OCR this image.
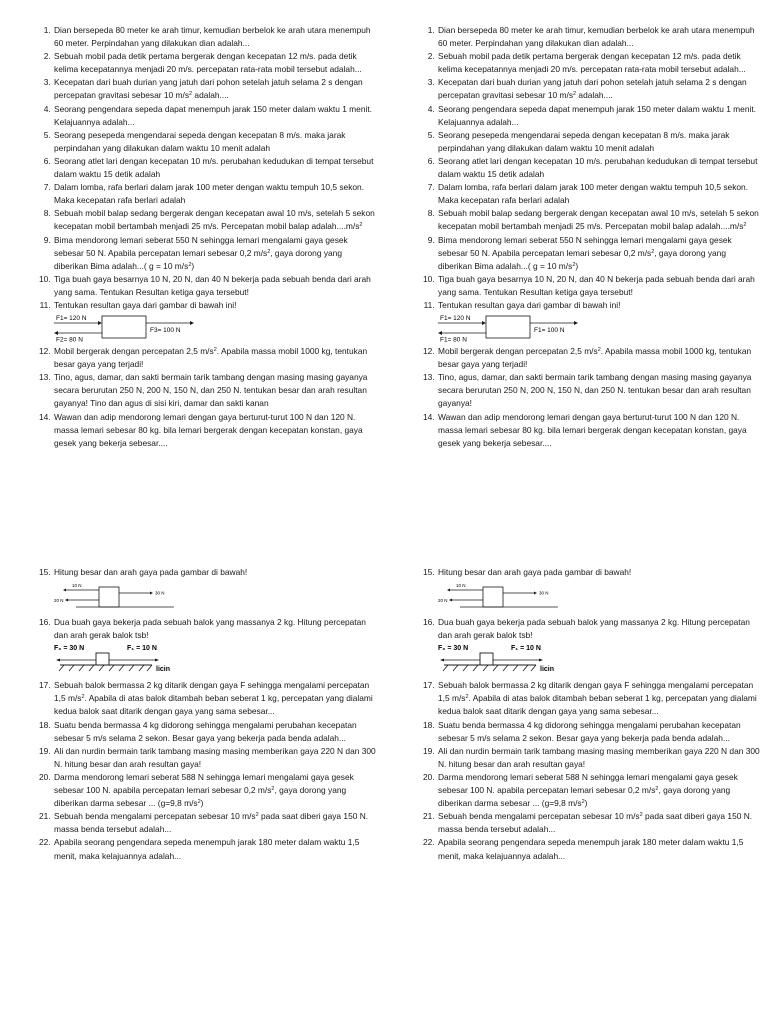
1. Dian bersepeda 80 meter ke arah timur, kemudian berbelok ke arah utara menempuh 60 meter. Perpindahan yang dilakukan dian adalah...
2. Sebuah mobil pada detik pertama bergerak dengan kecepatan 12 m/s. pada detik kelima kecepatannya menjadi 20 m/s. percepatan rata-rata mobil tersebut adalah...
3. Kecepatan dari buah durian yang jatuh dari pohon setelah jatuh selama 2 s dengan percepatan gravitasi sebesar 10 $m/s^2$ adalah....
4. Seorang pengendara sepeda dapat menempuh jarak 150 meter dalam waktu 1 menit. Kelajuannya adalah...
5. Seorang pesepeda mengendarai sepeda dengan kecepatan 8 m/s. maka jarak perpindahan yang dilakukan dalam waktu 10 menit adalah
6. Seorang atlet lari dengan kecepatan 10 m/s. perubahan kedudukan di tempat tersebut dalam waktu 15 detik adalah
7. Dalam lomba, rafa berlari dalam jarak 100 meter dengan waktu tempuh 10,5 sekon. Maka kecepatan rafa berlari adalah
8. Sebuah mobil balap sedang bergerak dengan kecepatan awal 10 m/s, setelah 5 sekon kecepatan mobil bertambah menjadi 25 m/s. Percepatan mobil balap $adalah....m/s^2$
9. Bima mendorong lemari seberat 550 N sehingga lemari mengalami gaya gesek sebesar 50 N. Apabila percepatan lemari sebesar 0,2 $m/s^2$, gaya dorong yang diberikan Bima adalah...( g = 10 $m/s^2$)
10. Tiga buah gaya besarnya 10 N, 20 N, dan 40 N bekerja pada sebuah benda dari arah yang sama. Tentukan Resultan ketiga gaya tersebut!
11. Tentukan resultan gaya dari gambar di bawah ini!
F1= 120 N
F2= 80 N
F3= 100 N
12. Mobil bergerak dengan percepatan 2,5 $m/s^2$. Apabila massa mobil 1000 kg, tentukan besar gaya yang terjadi!
13. Tino, agus, damar, dan sakti bermain tarik tambang dengan masing masing gayanya secara berurutan 250 N, 200 N, 150 N, dan 250 N. tentukan besar dan arah resultan gayanya! Tino dan agus di sisi kiri, damar dan sakti kanan
14. Wawan dan adip mendorong lemari dengan gaya berturut-turut 100 N dan 120 N. massa lemari sebesar 80 kg. bila lemari bergerak dengan kecepatan konstan, gaya gesek yang bekerja sebesar....
1. Dian bersepeda 80 meter ke arah timur, kemudian berbelok ke arah utara menempuh 60 meter. Perpindahan yang dilakukan dian adalah...
2. Sebuah mobil pada detik pertama bergerak dengan kecepatan 12 m/s. pada detik kelima kecepatannya menjadi 20 m/s. percepatan rata-rata mobil tersebut adalah...
3. Kecepatan dari buah durian yang jatuh dari pohon setelah jatuh selama 2 s dengan percepatan gravitasi sebesar 10 $m/s^2$ adalah....
4. Seorang pengendara sepeda dapat menempuh jarak 150 meter dalam waktu 1 menit. Kelajuannya adalah...
5. Seorang pesepeda mengendarai sepeda dengan kecepatan 8 m/s. maka jarak perpindahan yang dilakukan dalam waktu 10 menit adalah
6. Seorang atlet lari dengan kecepatan 10 m/s. perubahan kedudukan di tempat tersebut dalam waktu 15 detik adalah
7. Dalam lomba, rafa berlari dalam jarak 100 meter dengan waktu tempuh 10,5 sekon. Maka kecepatan rafa berlari adalah
8. Sebuah mobil balap sedang bergerak dengan kecepatan awal 10 m/s, setelah 5 sekon kecepatan mobil bertambah menjadi 25 m/s. Percepatan mobil balap $adalah....m/s^2$
9. Bima mendorong lemari seberat 550 N sehingga lemari mengalami gaya gesek sebesar 50 N. Apabila percepatan lemari sebesar 0,2 $m/s^2$, gaya dorong yang diberikan Bima adalah...( g = 10 $m/s^2$)
10. Tiga buah gaya besarnya 10 N, 20 N, dan 40 N bekerja pada sebuah benda dari arah yang sama. Tentukan Resultan ketiga gaya tersebut!
11. Tentukan resultan gaya dari gambar di bawah ini!
F1= 120 N
F1= 80 N
F1= 100 N
12. Mobil bergerak dengan percepatan 2,5 $m/s^2$. Apabila massa mobil 1000 kg, tentukan besar gaya yang terjadi!
13. Tino, agus, damar, dan sakti bermain tarik tambang dengan masing masing gayanya secara berurutan 250 N, 200 N, 150 N, dan 250 N. tentukan besar dan arah resultan gayanya!
14. Wawan dan adip mendorong lemari dengan gaya berturut-turut 100 N dan 120 N. massa lemari sebesar 80 kg. bila lemari bergerak dengan kecepatan konstan, gaya gesek yang bekerja sebesar....
15. Hitung besar dan arah gaya pada gambar di bawah!
10 N
20 N
30 N
16. Dua buah gaya bekerja pada sebuah balok yang massanya 2 kg. Hitung percepatan dan arah gerak balok tsb!
F₂ = 30 N	F₁ = 10 N
licin
17. Sebuah balok bermassa 2 kg ditarik dengan gaya F sehingga mengalami percepatan 1,5 $m/s^2$. Apabila di atas balok ditambah beban seberat 1 kg, percepatan yang dialami kedua balok saat ditarik dengan gaya yang sama sebesar...
18. Suatu benda bermassa 4 kg didorong sehingga mengalami perubahan kecepatan sebesar 5 m/s selama 2 sekon. Besar gaya yang bekerja pada benda adalah...
19. Ali dan nurdin bermain tarik tambang masing masing memberikan gaya 220 N dan 300 N. hitung besar dan arah resultan gaya!
20. Darma mendorong lemari seberat 588 N sehingga lemari mengalami gaya gesek sebesar 100 N. apabila percepatan lemari sebesar 0,2 $m/s^2$, gaya dorong yang diberikan darma sebesar ... (g=9,8 $m/s^2$)
21. Sebuah benda mengalami percepatan sebesar 10 $m/s^2$ pada saat diberi gaya 150 N. massa benda tersebut adalah...
22. Apabila seorang pengendara sepeda menempuh jarak 180 meter dalam waktu 1,5 menit, maka kelajuannya adalah...
15. Hitung besar dan arah gaya pada gambar di bawah!
10 N
20 N
30 N
16. Dua buah gaya bekerja pada sebuah balok yang massanya 2 kg. Hitung percepatan dan arah gerak balok tsb!
F₂ = 30 N	F₁ = 10 N
licin
17. Sebuah balok bermassa 2 kg ditarik dengan gaya F sehingga mengalami percepatan 1,5 $m/s^2$. Apabila di atas balok ditambah beban seberat 1 kg, percepatan yang dialami kedua balok saat ditarik dengan gaya yang sama sebesar...
18. Suatu benda bermassa 4 kg didorong sehingga mengalami perubahan kecepatan sebesar 5 m/s selama 2 sekon. Besar gaya yang bekerja pada benda adalah...
19. Ali dan nurdin bermain tarik tambang masing masing memberikan gaya 220 N dan 300 N. hitung besar dan arah resultan gaya!
20. Darma mendorong lemari seberat 588 N sehingga lemari mengalami gaya gesek sebesar 100 N. apabila percepatan lemari sebesar 0,2 $m/s^2$, gaya dorong yang diberikan darma sebesar ... (g=9,8 $m/s^2$)
21. Sebuah benda mengalami percepatan sebesar 10 $m/s^2$ pada saat diberi gaya 150 N. massa benda tersebut adalah...
22. Apabila seorang pengendara sepeda menempuh jarak 180 meter dalam waktu 1,5 menit, maka kelajuannya adalah...
